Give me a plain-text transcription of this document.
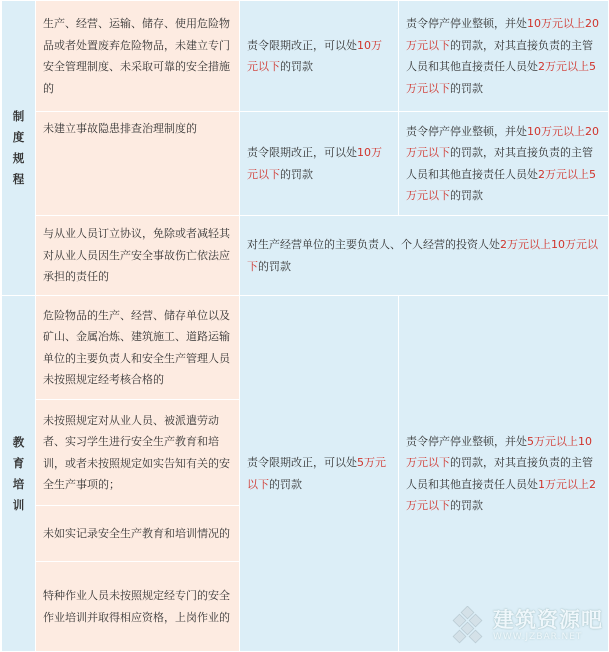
制
度
规
程	生产、经营、运输、储存、使用危险物品或者处置废弃危险物品，未建立专门安全管理制度、未采取可靠的安全措施的	责令限期改正，可以处10万元以下的罚款	责令停产停业整顿，并处10万元以上20万元以下的罚款，对其直接负责的主管人员和其他直接责任人员处2万元以上5万元以下的罚款
	未建立事故隐患排查治理制度的	责令限期改正，可以处10万元以下的罚款	责令停产停业整顿，并处10万元以上20万元以下的罚款，对其直接负责的主管人员和其他直接责任人员处2万元以上5万元以下的罚款
	与从业人员订立协议，免除或者减轻其对从业人员因生产安全事故伤亡依法应承担的责任的	对生产经营单位的主要负责人、个人经营的投资人处2万元以上10万元以下的罚款	

教
育
培
训	危险物品的生产、经营、储存单位以及矿山、金属冶炼、建筑施工、道路运输单位的主要负责人和安全生产管理人员未按照规定经考核合格的	责令限期改正，可以处5万元以下的罚款	责令停产停业整顿，并处5万元以上10万元以下的罚款，对其直接负责的主管人员和其他直接责任人员处1万元以上2万元以下的罚款
	未按照规定对从业人员、被派遣劳动者、实习学生进行安全生产教育和培训，或者未按照规定如实告知有关的安全生产事项的；		
	未如实记录安全生产教育和培训情况的		
	特种作业人员未按照规定经专门的安全作业培训并取得相应资格，上岗作业的			建筑资源吧
WWW.JZBAR.NET
